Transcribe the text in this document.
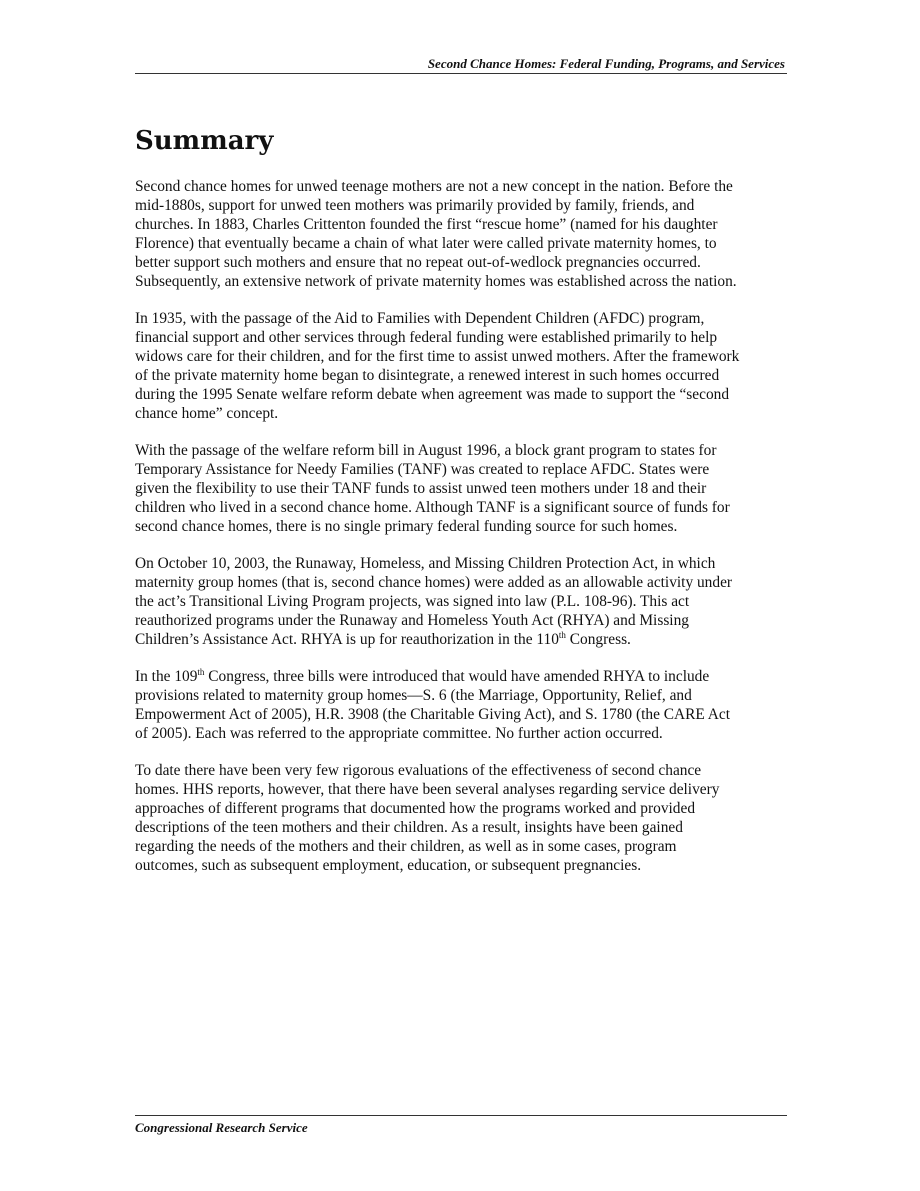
Second Chance Homes: Federal Funding, Programs, and Services
Summary

Second chance homes for unwed teenage mothers are not a new concept in the nation. Before the
mid-1880s, support for unwed teen mothers was primarily provided by family, friends, and
churches. In 1883, Charles Crittenton founded the first “rescue home” (named for his daughter
Florence) that eventually became a chain of what later were called private maternity homes, to
better support such mothers and ensure that no repeat out-of-wedlock pregnancies occurred.
Subsequently, an extensive network of private maternity homes was established across the nation.

In 1935, with the passage of the Aid to Families with Dependent Children (AFDC) program,
financial support and other services through federal funding were established primarily to help
widows care for their children, and for the first time to assist unwed mothers. After the framework
of the private maternity home began to disintegrate, a renewed interest in such homes occurred
during the 1995 Senate welfare reform debate when agreement was made to support the “second
chance home” concept.

With the passage of the welfare reform bill in August 1996, a block grant program to states for
Temporary Assistance for Needy Families (TANF) was created to replace AFDC. States were
given the flexibility to use their TANF funds to assist unwed teen mothers under 18 and their
children who lived in a second chance home. Although TANF is a significant source of funds for
second chance homes, there is no single primary federal funding source for such homes.

On October 10, 2003, the Runaway, Homeless, and Missing Children Protection Act, in which
maternity group homes (that is, second chance homes) were added as an allowable activity under
the act’s Transitional Living Program projects, was signed into law (P.L. 108-96). This act
reauthorized programs under the Runaway and Homeless Youth Act (RHYA) and Missing
Children’s Assistance Act. RHYA is up for reauthorization in the 110th Congress.

In the 109th Congress, three bills were introduced that would have amended RHYA to include
provisions related to maternity group homes—S. 6 (the Marriage, Opportunity, Relief, and
Empowerment Act of 2005), H.R. 3908 (the Charitable Giving Act), and S. 1780 (the CARE Act
of 2005). Each was referred to the appropriate committee. No further action occurred.

To date there have been very few rigorous evaluations of the effectiveness of second chance
homes. HHS reports, however, that there have been several analyses regarding service delivery
approaches of different programs that documented how the programs worked and provided
descriptions of the teen mothers and their children. As a result, insights have been gained
regarding the needs of the mothers and their children, as well as in some cases, program
outcomes, such as subsequent employment, education, or subsequent pregnancies.

Congressional Research Service
